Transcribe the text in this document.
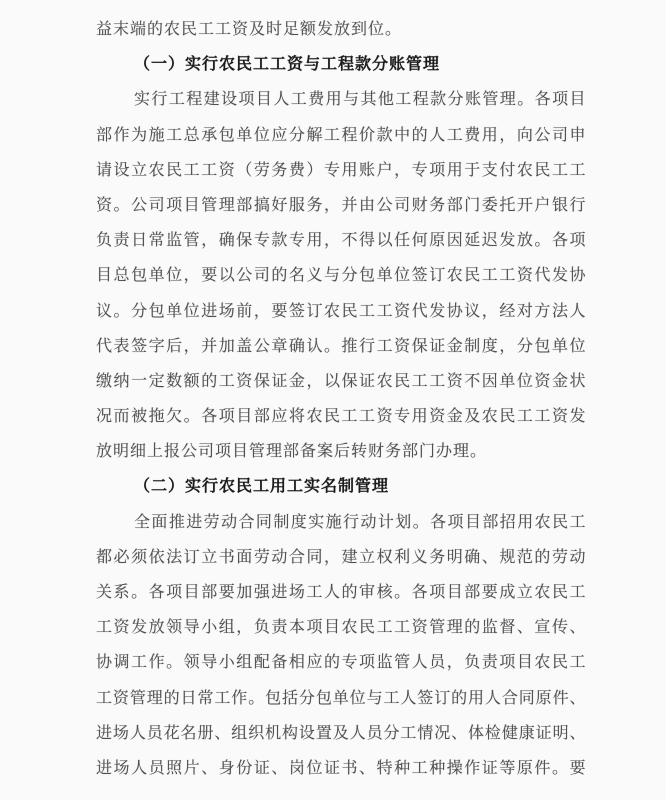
益末端的农民工工资及时足额发放到位。
（一）实行农民工工资与工程款分账管理
实行工程建设项目人工费用与其他工程款分账管理。各项目
部作为施工总承包单位应分解工程价款中的人工费用，向公司申
请设立农民工工资（劳务费）专用账户，专项用于支付农民工工
资。公司项目管理部搞好服务，并由公司财务部门委托开户银行
负责日常监管，确保专款专用，不得以任何原因延迟发放。各项
目总包单位，要以公司的名义与分包单位签订农民工工资代发协
议。分包单位进场前，要签订农民工工资代发协议，经对方法人
代表签字后，并加盖公章确认。推行工资保证金制度，分包单位
缴纳一定数额的工资保证金，以保证农民工工资不因单位资金状
况而被拖欠。各项目部应将农民工工资专用资金及农民工工资发
放明细上报公司项目管理部备案后转财务部门办理。
（二）实行农民工用工实名制管理
全面推进劳动合同制度实施行动计划。各项目部招用农民工
都必须依法订立书面劳动合同，建立权利义务明确、规范的劳动
关系。各项目部要加强进场工人的审核。各项目部要成立农民工
工资发放领导小组，负责本项目农民工工资管理的监督、宣传、
协调工作。领导小组配备相应的专项监管人员，负责项目农民工
工资管理的日常工作。包括分包单位与工人签订的用人合同原件、
进场人员花名册、组织机构设置及人员分工情况、体检健康证明、
进场人员照片、身份证、岗位证书、特种工种操作证等原件。要
